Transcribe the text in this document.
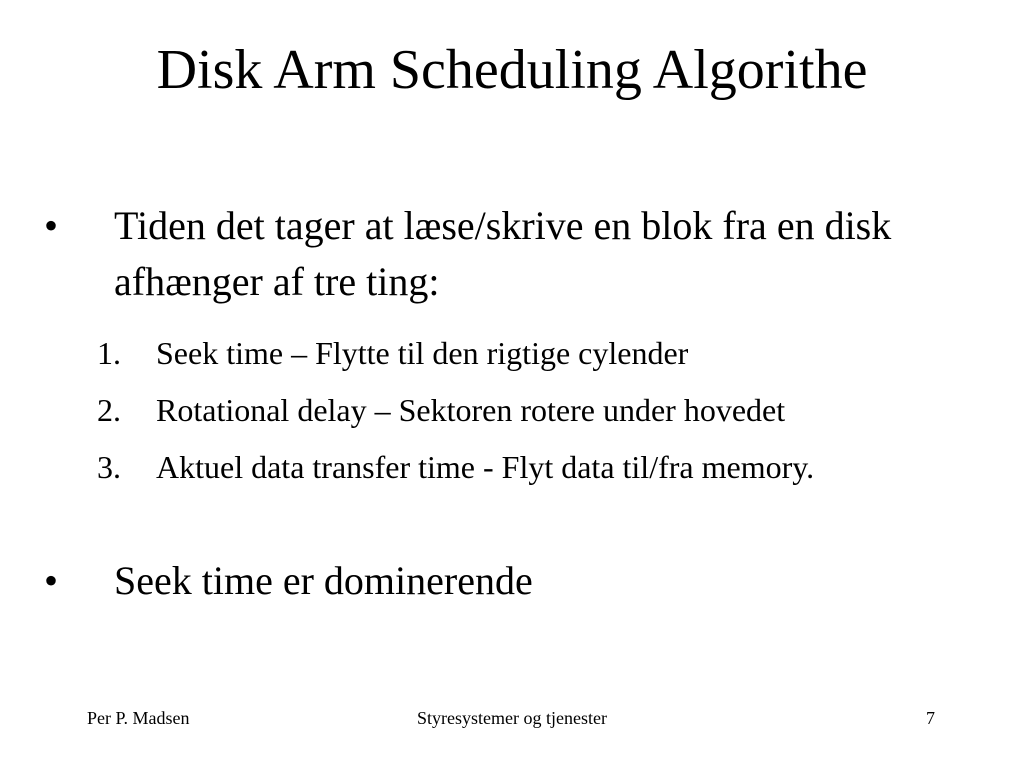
Disk Arm Scheduling Algorithe
• Tiden det tager at læse/skrive en blok fra en disk afhænger af tre ting:
1. Seek time – Flytte til den rigtige cylender
2. Rotational delay – Sektoren rotere under hovedet
3. Aktuel data transfer time - Flyt data til/fra memory.
• Seek time er dominerende
Per P. Madsen	Styresystemer og tjenester	7
